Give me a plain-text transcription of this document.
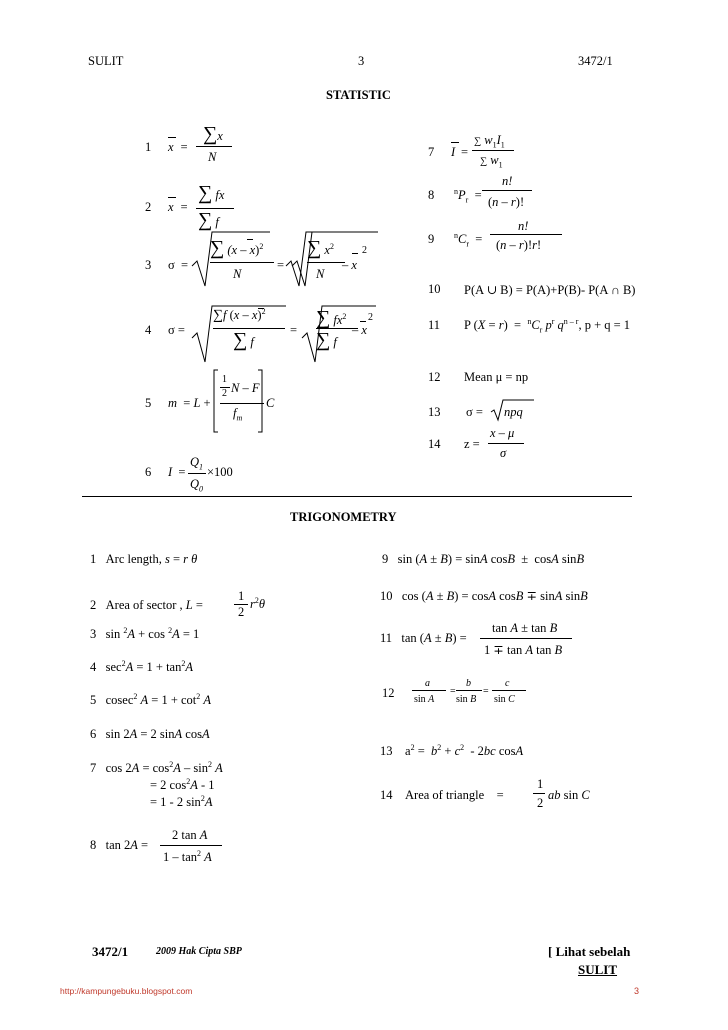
SULIT	3	3472/1
STATISTIC
1
2
3
4
5
6
x  =
∑x
N
x  =
∑ fx
∑ f
σ  =
∑ (x – x)$^2$
N
=
∑ $x^2$
N
– x
2
σ =
∑f (x – x)$^2$
∑ f
=
∑ $fx^2$
∑ f
– x
2
m  = L +
1
2 N – F
$f_m$
C
I  =
$Q_1$
$Q_0$
×100
7 I =
∑ $w_1I_1$
∑ $w_1$
8 $^nP_r$  =
n!
(n – r)!
9 $^nC_r$  =
n!
(n – r)!r!
10 P(A ∪ B) = P(A)+P(B)- P(A ∩ B)
11 P $(X = r) = ^nC_r$ $p^r$ $q^{n - r}$, p + q = 1
12 Mean μ = np
13 σ = npq
14 z =
x – μ
σ
TRIGONOMETRY
1   Arc length, s = r θ
2   Area of sector , L =
1
2
$r^2\theta$
3   sin $^2$A + cos $^2$A = 1
4   $\sec^2A = 1 + \tan^2A$
5   cosec$^2$ $A = 1 + \cot^2 A$
6   sin 2A = 2 sinA cosA
7   $\cos 2A = \cos^2A - \sin^2 A$
= 2 $\cos^2A - 1$
= 1 - 2 $\sin^2A$
8   tan 2A =
2 tan A
$1 - \tan^2 A$
9   sin (A ± B) = sinA cosB  ±  cosA sinB
10   cos (A ± B) = cosA cosB ∓ sinA sinB
11   tan (A ± B) =
tan A ± tan B
1 ∓ tan A tan B
12
a
sin A
=
b
sin B
=
c
sin C
13    $a^2 = b^2 + c^2 - 2bc$ cosA
14    Area of triangle    =
1
2
ab sin C
3472/1	2009 Hak Cipta SBP	[ Lihat sebelah
SULIT
http://kampungebuku.blogspot.com	3
